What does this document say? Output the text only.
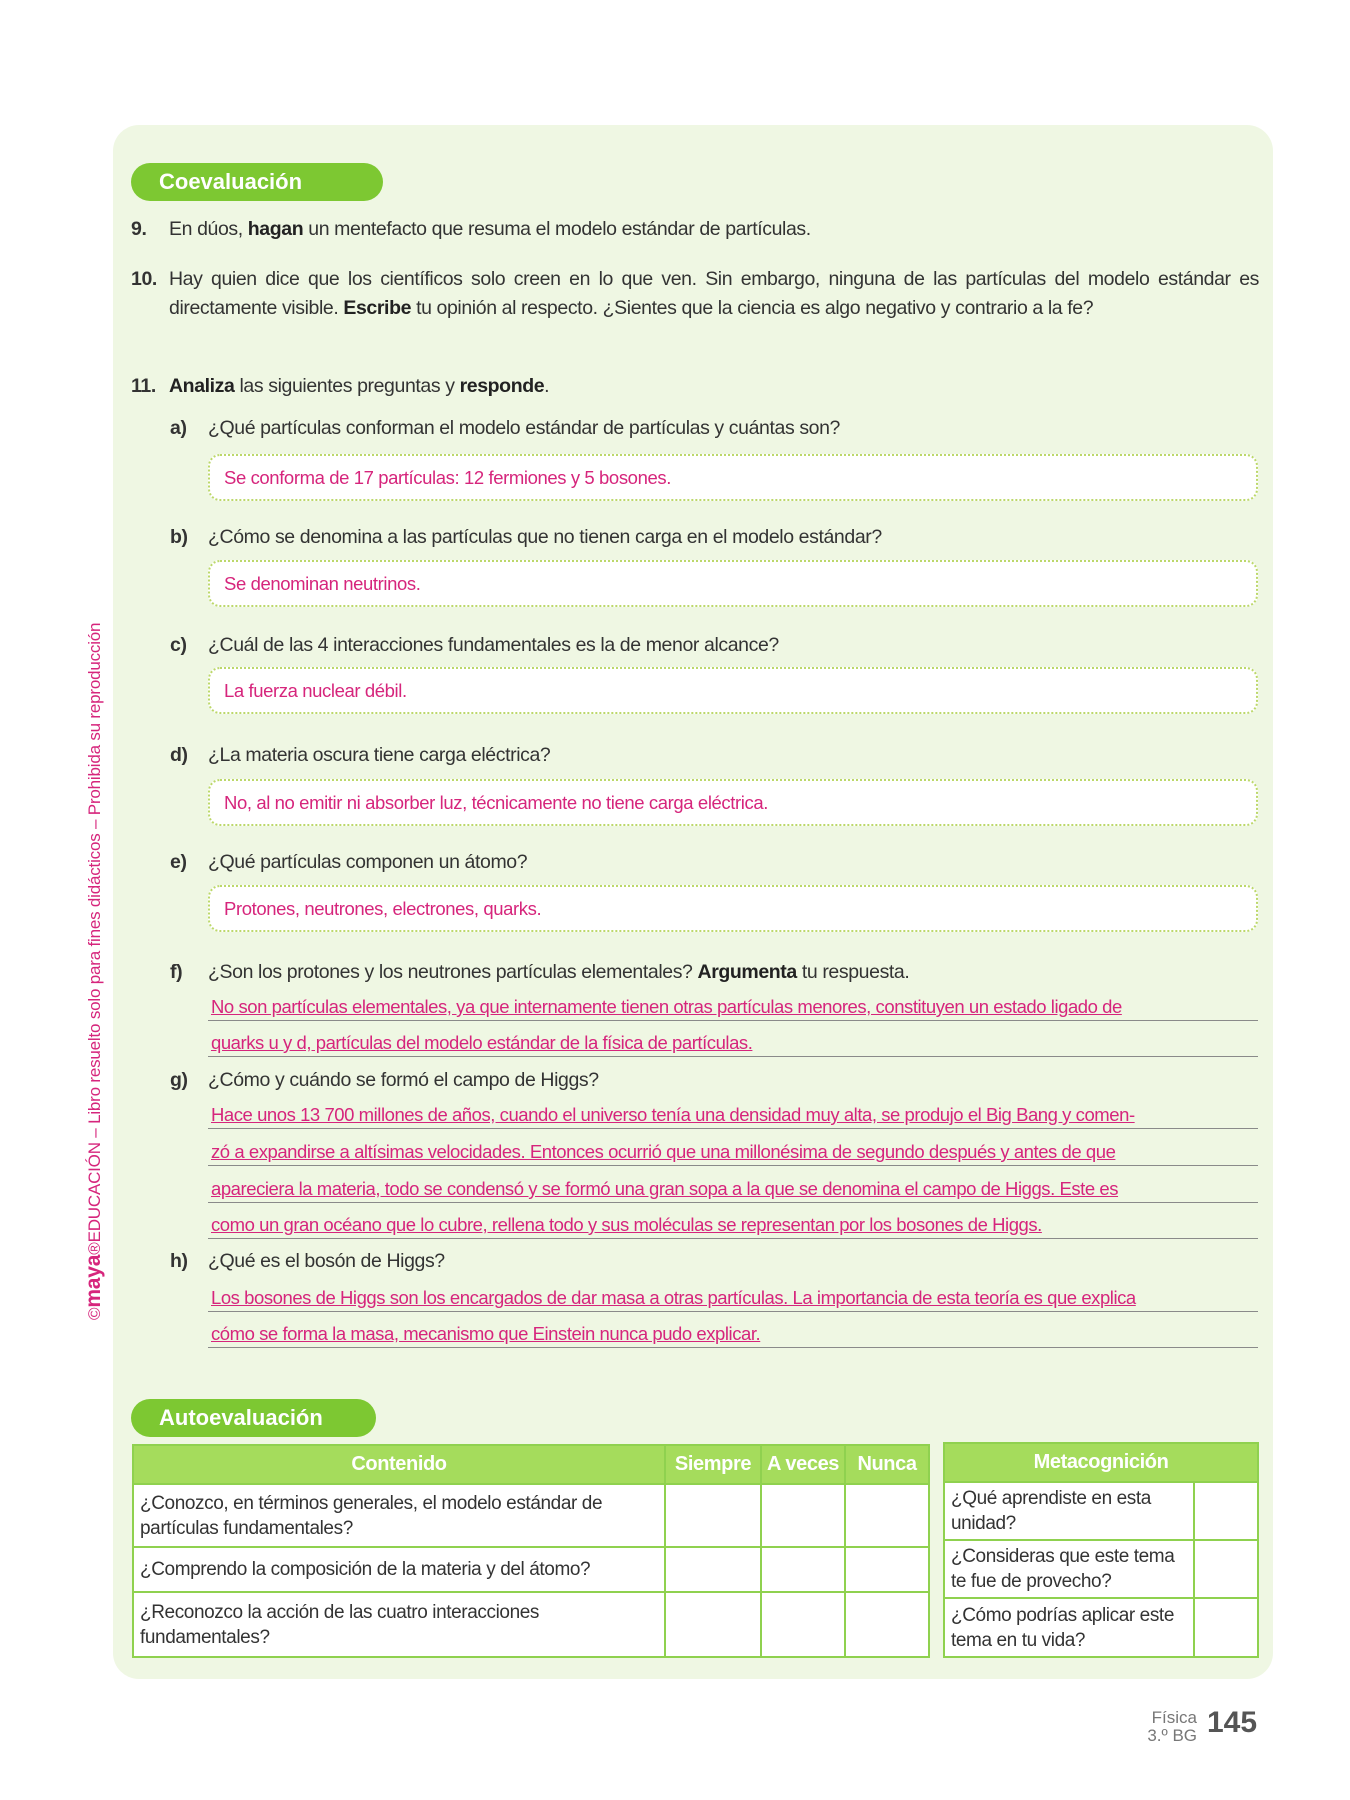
©maya®EDUCACIÓN – Libro resuelto solo para fines didácticos – Prohibida su reproducción
Coevaluación
9. En dúos, hagan un mentefacto que resuma el modelo estándar de partículas.
10. Hay quien dice que los científicos solo creen en lo que ven. Sin embargo, ninguna de las partículas del modelo estándar es directamente visible. Escribe tu opinión al respecto. ¿Sientes que la ciencia es algo negativo y contrario a la fe?
11. Analiza las siguientes preguntas y responde.
a) ¿Qué partículas conforman el modelo estándar de partículas y cuántas son?
Se conforma de 17 partículas: 12 fermiones y 5 bosones.
b) ¿Cómo se denomina a las partículas que no tienen carga en el modelo estándar?
Se denominan neutrinos.
c) ¿Cuál de las 4 interacciones fundamentales es la de menor alcance?
La fuerza nuclear débil.
d) ¿La materia oscura tiene carga eléctrica?
No, al no emitir ni absorber luz, técnicamente no tiene carga eléctrica.
e) ¿Qué partículas componen un átomo?
Protones, neutrones, electrones, quarks.
f) ¿Son los protones y los neutrones partículas elementales? Argumenta tu respuesta.
No son partículas elementales, ya que internamente tienen otras partículas menores, constituyen un estado ligado de
quarks u y d, partículas del modelo estándar de la física de partículas.
g) ¿Cómo y cuándo se formó el campo de Higgs?
Hace unos 13 700 millones de años, cuando el universo tenía una densidad muy alta, se produjo el Big Bang y comen-
zó a expandirse a altísimas velocidades. Entonces ocurrió que una millonésima de segundo después y antes de que
apareciera la materia, todo se condensó y se formó una gran sopa a la que se denomina el campo de Higgs. Este es
como un gran océano que lo cubre, rellena todo y sus moléculas se representan por los bosones de Higgs.
h) ¿Qué es el bosón de Higgs?
Los bosones de Higgs son los encargados de dar masa a otras partículas. La importancia de esta teoría es que explica
cómo se forma la masa, mecanismo que Einstein nunca pudo explicar.
Autoevaluación
Contenido	Siempre	A veces	Nunca
¿Conozco, en términos generales, el modelo estándar de partículas fundamentales?			
¿Comprendo la composición de la materia y del átomo?			
¿Reconozco la acción de las cuatro interacciones fundamentales?			
Metacognición	
¿Qué aprendiste en esta unidad?	
¿Consideras que este tema te fue de provecho?	
¿Cómo podrías aplicar este tema en tu vida?	
Física
3.º BG 145
